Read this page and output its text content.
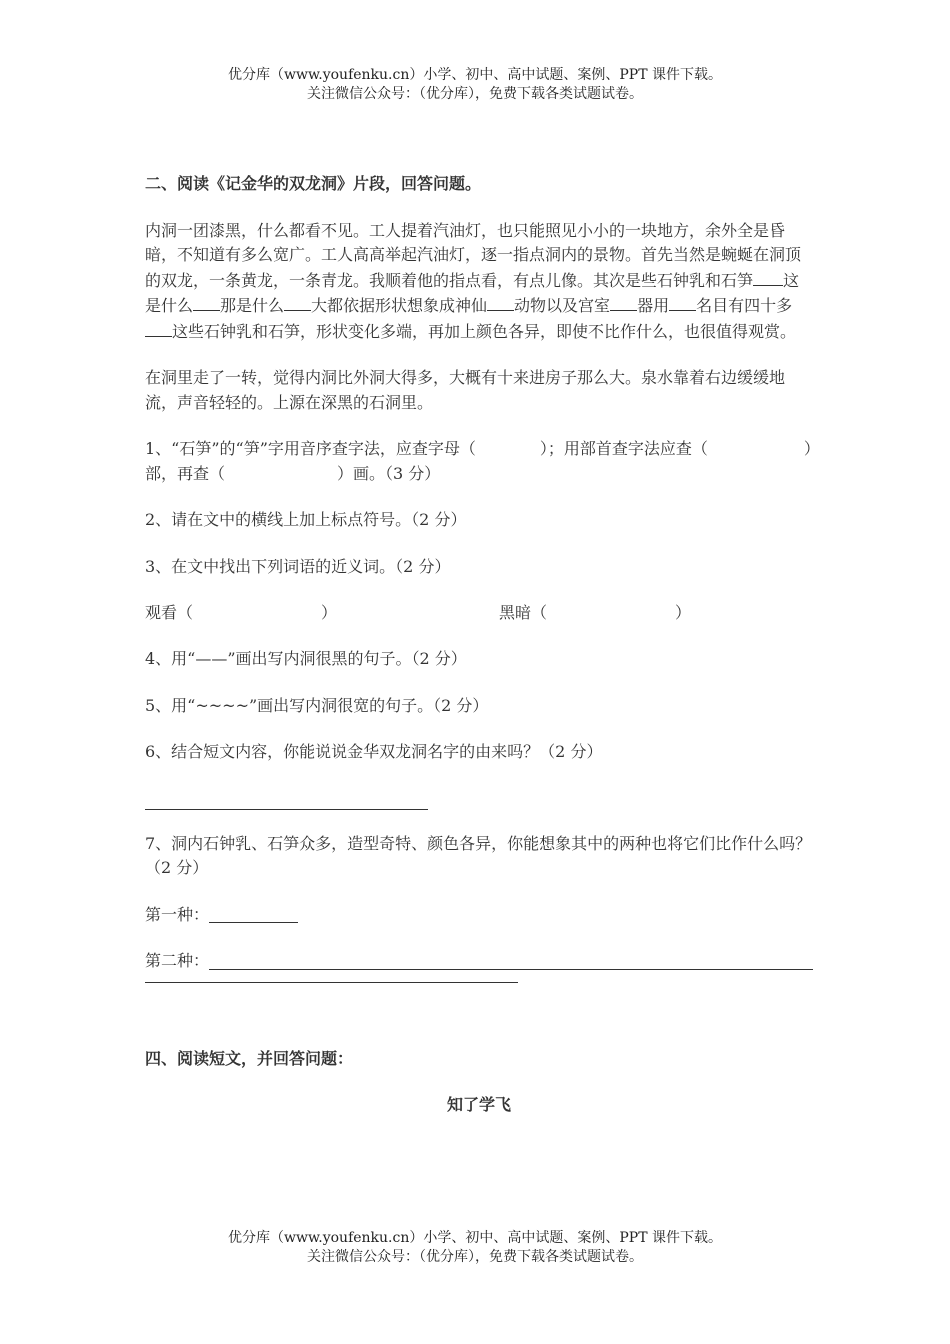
优分库（www.youfenku.cn）小学、初中、高中试题、案例、PPT 课件下载。
关注微信公众号：（优分库），免费下载各类试题试卷。

二、阅读《记金华的双龙洞》片段，回答问题。

内洞一团漆黑，什么都看不见。工人提着汽油灯，也只能照见小小的一块地方，余外全是昏暗，不知道有多么宽广。工人高高举起汽油灯，逐一指点洞内的景物。首先当然是蜿蜒在洞顶的双龙，一条黄龙，一条青龙。我顺着他的指点看，有点儿像。其次是些石钟乳和石笋 这是什么 那是什么 大都依据形状想象成神仙 动物以及宫室 器用 名目有四十多这些石钟乳和石笋，形状变化多端，再加上颜色各异，即使不比作什么，也很值得观赏。

在洞里走了一转，觉得内洞比外洞大得多，大概有十来进房子那么大。泉水靠着右边缓缓地流，声音轻轻的。上源在深黑的石洞里。

1、“石笋”的“笋”字用音序查字法，应查字母（　　　　）；用部首查字法应查（　　　　　　）部，再查（　　　　　　　）画。（3 分）

2、请在文中的横线上加上标点符号。（2 分）

3、在文中找出下列词语的近义词。（2 分）

观看（　　　　　　　　）	黑暗（　　　　　　　　）

4、用“——”画出写内洞很黑的句子。（2 分）

5、用“~~~~”画出写内洞很宽的句子。（2 分）

6、结合短文内容，你能说说金华双龙洞名字的由来吗？（2 分）

7、洞内石钟乳、石笋众多，造型奇特、颜色各异，你能想象其中的两种也将它们比作什么吗？（2 分）

第一种：
第二种：

四、阅读短文，并回答问题：

知了学飞

优分库（www.youfenku.cn）小学、初中、高中试题、案例、PPT 课件下载。
关注微信公众号：（优分库），免费下载各类试题试卷。
